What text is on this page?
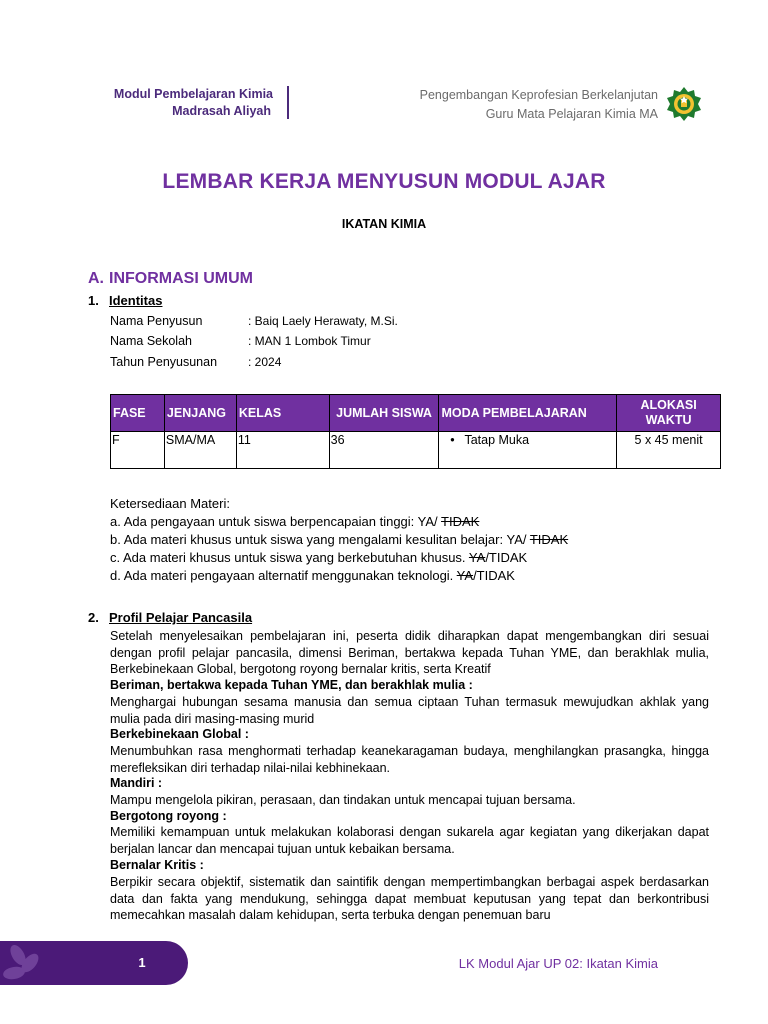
Modul Pembelajaran Kimia
Madrasah Aliyah
Pengembangan Keprofesian Berkelanjutan
Guru Mata Pelajaran Kimia MA
LEMBAR KERJA MENYUSUN MODUL AJAR
IKATAN KIMIA
A. INFORMASI UMUM
1. Identitas
Nama Penyusun	: Baiq Laely Herawaty, M.Si.
Nama Sekolah	: MAN 1 Lombok Timur
Tahun Penyusunan	: 2024
FASE	JENJANG	KELAS	JUMLAH SISWA	MODA PEMBELAJARAN	ALOKASI WAKTU
F	SMA/MA	11	36	• Tatap Muka	5 x 45 menit
Ketersediaan Materi:
a. Ada pengayaan untuk siswa berpencapaian tinggi: YA/ TIDAK
b. Ada materi khusus untuk siswa yang mengalami kesulitan belajar: YA/ TIDAK
c. Ada materi khusus untuk siswa yang berkebutuhan khusus. YA/TIDAK
d. Ada materi pengayaan alternatif menggunakan teknologi. YA/TIDAK
2. Profil Pelajar Pancasila
Setelah menyelesaikan pembelajaran ini, peserta didik diharapkan dapat mengembangkan diri sesuai dengan profil pelajar pancasila, dimensi Beriman, bertakwa kepada Tuhan YME, dan berakhlak mulia, Berkebinekaan Global, bergotong royong bernalar kritis, serta Kreatif
Beriman, bertakwa kepada Tuhan YME, dan berakhlak mulia :
Menghargai hubungan sesama manusia dan semua ciptaan Tuhan termasuk mewujudkan akhlak yang mulia pada diri masing-masing murid
Berkebinekaan Global :
Menumbuhkan rasa menghormati terhadap keanekaragaman budaya, menghilangkan prasangka, hingga merefleksikan diri terhadap nilai-nilai kebhinekaan.
Mandiri :
Mampu mengelola pikiran, perasaan, dan tindakan untuk mencapai tujuan bersama.
Bergotong royong :
Memiliki kemampuan untuk melakukan kolaborasi dengan sukarela agar kegiatan yang dikerjakan dapat berjalan lancar dan mencapai tujuan untuk kebaikan bersama.
Bernalar Kritis :
Berpikir secara objektif, sistematik dan saintifik dengan mempertimbangkan berbagai aspek berdasarkan data dan fakta yang mendukung, sehingga dapat membuat keputusan yang tepat dan berkontribusi memecahkan masalah dalam kehidupan, serta terbuka dengan penemuan baru
1	LK Modul Ajar UP 02: Ikatan Kimia
